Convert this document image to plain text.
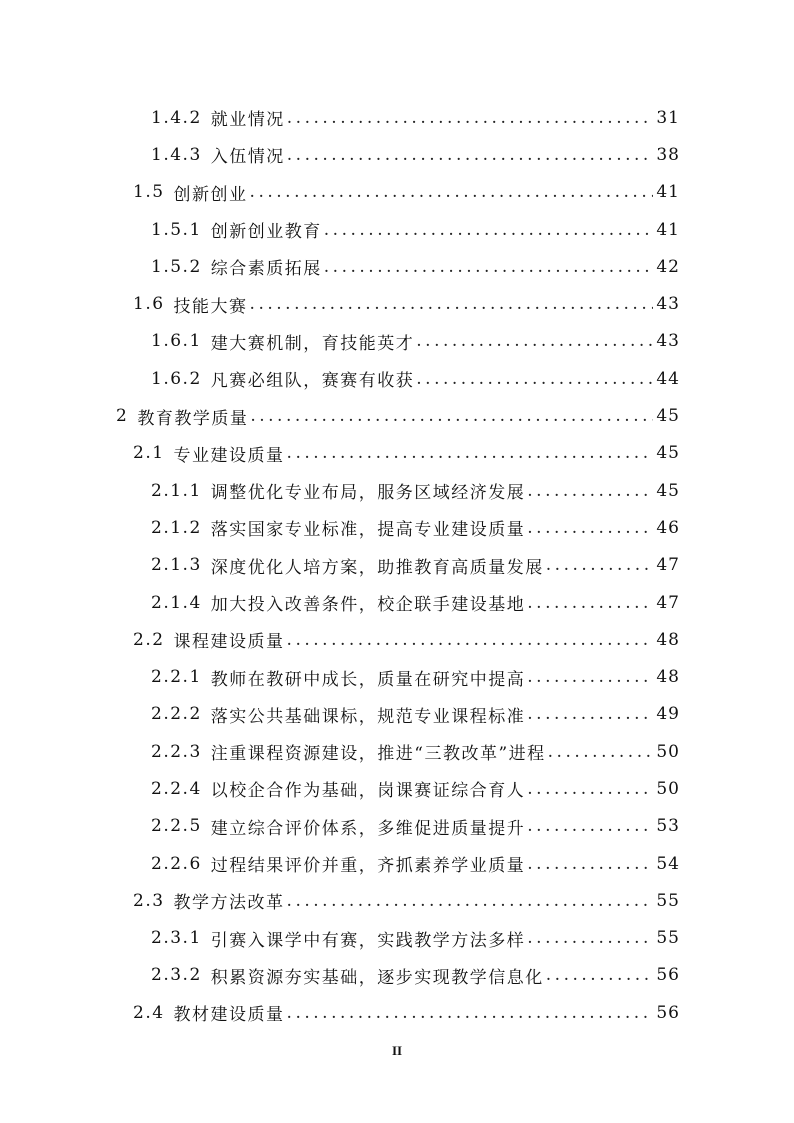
1.4.2 就业情况 .....	31
1.4.3 入伍情况 .....	38
1.5 创新创业 .....	41
1.5.1 创新创业教育 .....	41
1.5.2 综合素质拓展 .....	42
1.6 技能大赛 .....	43
1.6.1 建大赛机制，育技能英才 .....	43
1.6.2 凡赛必组队，赛赛有收获 .....	44
2 教育教学质量 .....	45
2.1 专业建设质量 .....	45
2.1.1 调整优化专业布局，服务区域经济发展 .....	45
2.1.2 落实国家专业标准，提高专业建设质量 .....	46
2.1.3 深度优化人培方案，助推教育高质量发展 .....	47
2.1.4 加大投入改善条件，校企联手建设基地 .....	47
2.2 课程建设质量 .....	48
2.2.1 教师在教研中成长，质量在研究中提高 .....	48
2.2.2 落实公共基础课标，规范专业课程标准 .....	49
2.2.3 注重课程资源建设，推进“三教改革”进程 .....	50
2.2.4 以校企合作为基础，岗课赛证综合育人 .....	50
2.2.5 建立综合评价体系，多维促进质量提升 .....	53
2.2.6 过程结果评价并重，齐抓素养学业质量 .....	54
2.3 教学方法改革 .....	55
2.3.1 引赛入课学中有赛，实践教学方法多样 .....	55
2.3.2 积累资源夯实基础，逐步实现教学信息化 .....	56
2.4 教材建设质量 .....	56
II
